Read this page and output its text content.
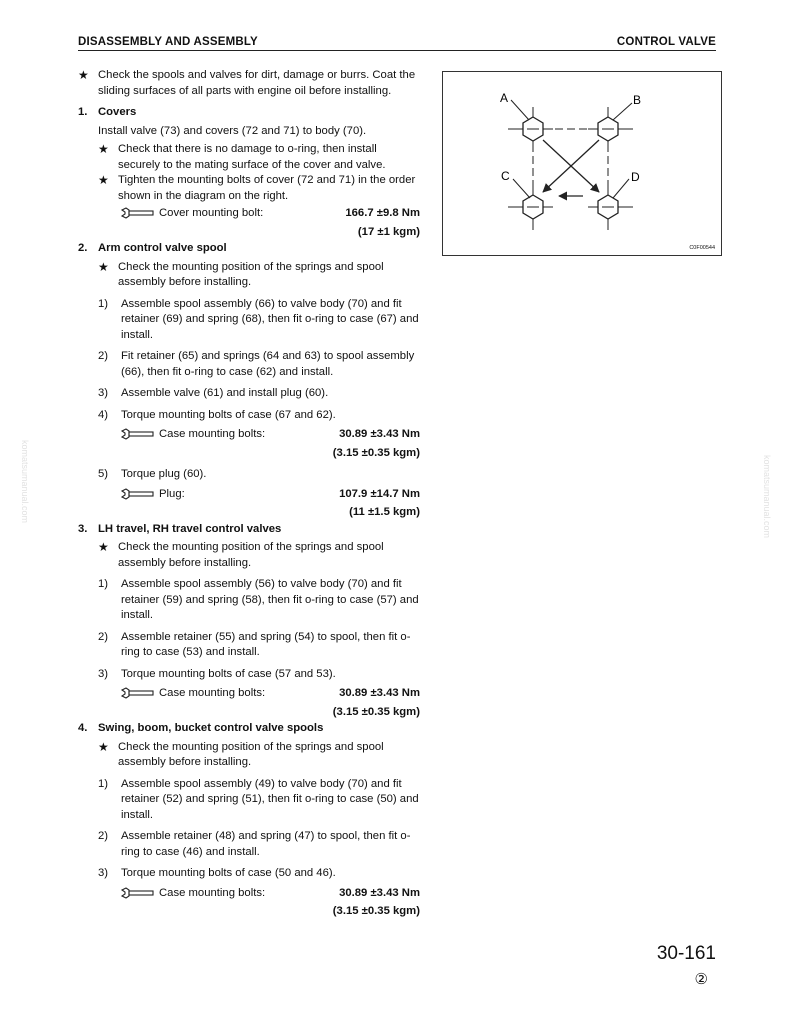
DISASSEMBLY AND ASSEMBLY	CONTROL VALVE
komatsumanual.com	komatsumanual.com
★ Check the spools and valves for dirt, damage or burrs. Coat the sliding surfaces of all parts with engine oil before installing.
1. Covers
Install valve (73) and covers (72 and 71) to body (70).
★ Check that there is no damage to o-ring, then install securely to the mating surface of the cover and valve.
★ Tighten the mounting bolts of cover (72 and 71) in the order shown in the diagram on the right.
Cover mounting bolt:	166.7 ±9.8 Nm
(17 ±1 kgm)
2. Arm control valve spool
★ Check the mounting position of the springs and spool assembly before installing.
1)	Assemble spool assembly (66) to valve body (70) and fit retainer (69) and spring (68), then fit o-ring to case (67) and install.
2)	Fit retainer (65) and springs (64 and 63) to spool assembly (66), then fit o-ring to case (62) and install.
3)	Assemble valve (61) and install plug (60).
4)	Torque mounting bolts of case (67 and 62).
Case mounting bolts:	30.89 ±3.43 Nm
(3.15 ±0.35 kgm)
5)	Torque plug (60).
Plug:	107.9 ±14.7 Nm
(11 ±1.5 kgm)
3. LH travel, RH travel control valves
★ Check the mounting position of the springs and spool assembly before installing.
1)	Assemble spool assembly (56) to valve body (70) and fit retainer (59) and spring (58), then fit o-ring to case (57) and install.
2)	Assemble retainer (55) and spring (54) to spool, then fit o-ring to case (53) and install.
3)	Torque mounting bolts of case (57 and 53).
Case mounting bolts:	30.89 ±3.43 Nm
(3.15 ±0.35 kgm)
4. Swing, boom, bucket control valve spools
★ Check the mounting position of the springs and spool assembly before installing.
1)	Assemble spool assembly (49) to valve body (70) and fit retainer (52) and spring (51), then fit o-ring to case (50) and install.
2)	Assemble retainer (48) and spring (47) to spool, then fit o-ring to case (46) and install.
3)	Torque mounting bolts of case (50 and 46).
Case mounting bolts:	30.89 ±3.43 Nm
(3.15 ±0.35 kgm)
A	B
C	D
C0F00544
30-161
②
